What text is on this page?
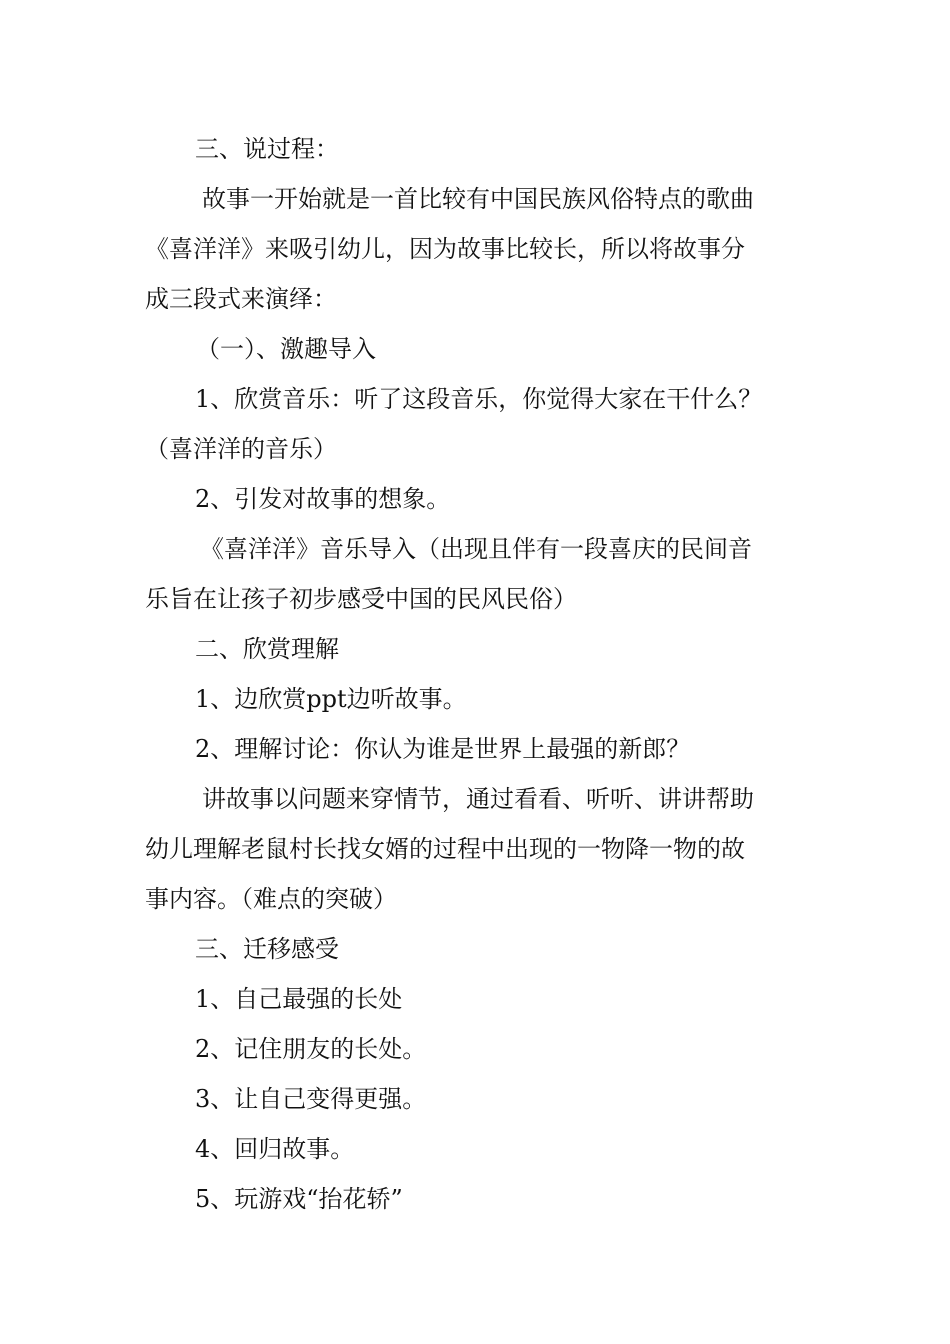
三、说过程：
故事一开始就是一首比较有中国民族风俗特点的歌曲
《喜洋洋》来吸引幼儿，因为故事比较长，所以将故事分
成三段式来演绎：
（一）、激趣导入
1、欣赏音乐：听了这段音乐，你觉得大家在干什么？
（喜洋洋的音乐）
2、引发对故事的想象。
《喜洋洋》音乐导入（出现且伴有一段喜庆的民间音
乐旨在让孩子初步感受中国的民风民俗）
二、欣赏理解
1、边欣赏ppt边听故事。
2、理解讨论：你认为谁是世界上最强的新郎？
讲故事以问题来穿情节，通过看看、听听、讲讲帮助
幼儿理解老鼠村长找女婿的过程中出现的一物降一物的故
事内容。（难点的突破）
三、迁移感受
1、自己最强的长处
2、记住朋友的长处。
3、让自己变得更强。
4、回归故事。
5、玩游戏“抬花轿”
